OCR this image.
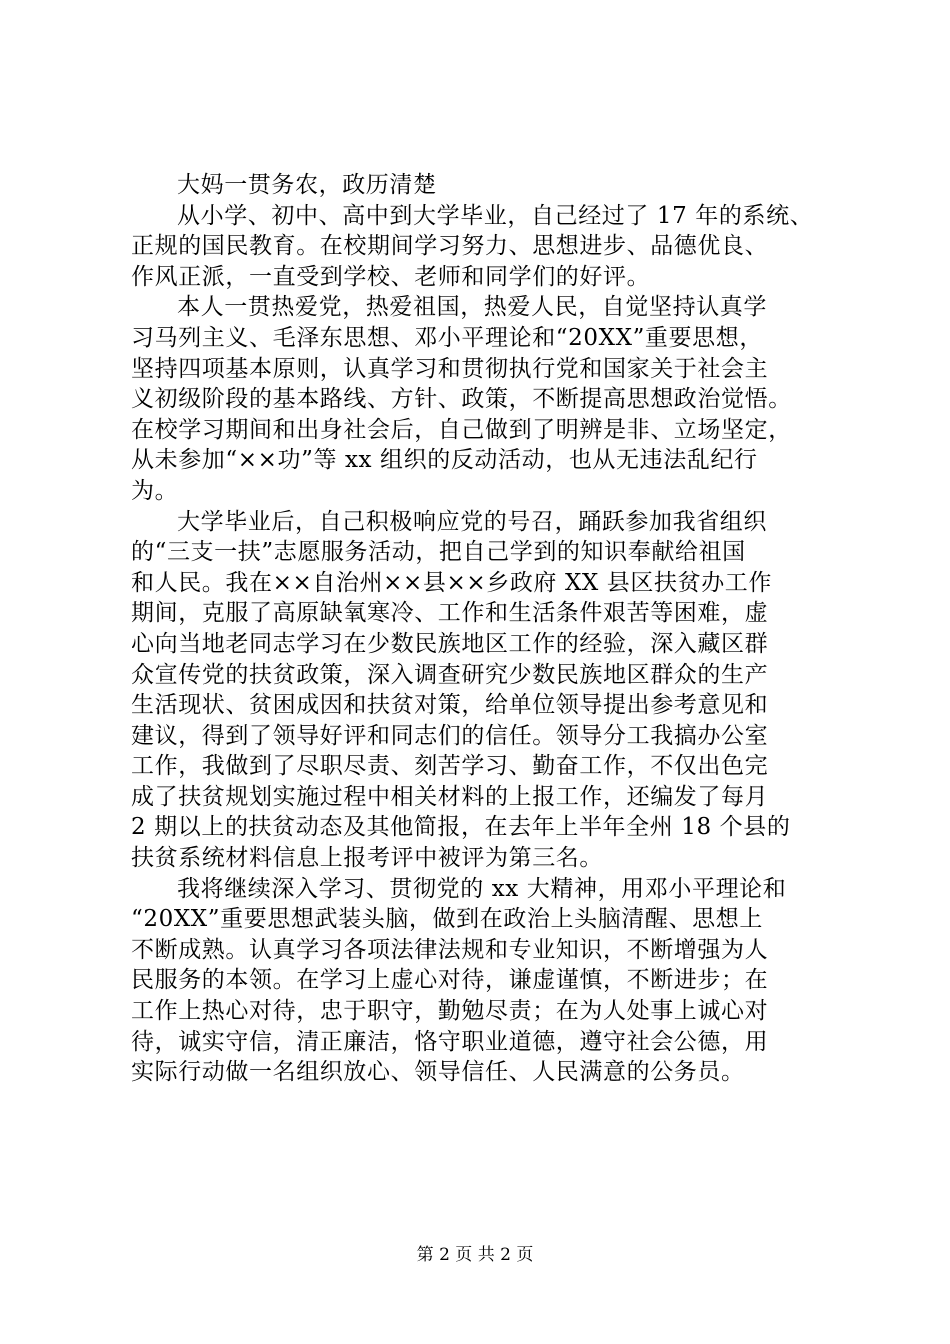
大妈一贯务农，政历清楚
从小学、初中、高中到大学毕业，自己经过了 17 年的系统、
正规的国民教育。在校期间学习努力、思想进步、品德优良、
作风正派，一直受到学校、老师和同学们的好评。
本人一贯热爱党，热爱祖国，热爱人民，自觉坚持认真学
习马列主义、毛泽东思想、邓小平理论和“20XX”重要思想，
坚持四项基本原则，认真学习和贯彻执行党和国家关于社会主
义初级阶段的基本路线、方针、政策，不断提高思想政治觉悟。
在校学习期间和出身社会后，自己做到了明辨是非、立场坚定，
从未参加“××功”等 xx 组织的反动活动，也从无违法乱纪行
为。
大学毕业后，自己积极响应党的号召，踊跃参加我省组织
的“三支一扶”志愿服务活动，把自己学到的知识奉献给祖国
和人民。我在××自治州××县××乡政府 XX 县区扶贫办工作
期间，克服了高原缺氧寒冷、工作和生活条件艰苦等困难，虚
心向当地老同志学习在少数民族地区工作的经验，深入藏区群
众宣传党的扶贫政策，深入调查研究少数民族地区群众的生产
生活现状、贫困成因和扶贫对策，给单位领导提出参考意见和
建议，得到了领导好评和同志们的信任。领导分工我搞办公室
工作，我做到了尽职尽责、刻苦学习、勤奋工作，不仅出色完
成了扶贫规划实施过程中相关材料的上报工作，还编发了每月
2 期以上的扶贫动态及其他简报，在去年上半年全州 18 个县的
扶贫系统材料信息上报考评中被评为第三名。
我将继续深入学习、贯彻党的 xx 大精神，用邓小平理论和
“20XX”重要思想武装头脑，做到在政治上头脑清醒、思想上
不断成熟。认真学习各项法律法规和专业知识，不断增强为人
民服务的本领。在学习上虚心对待，谦虚谨慎，不断进步；在
工作上热心对待，忠于职守，勤勉尽责；在为人处事上诚心对
待，诚实守信，清正廉洁，恪守职业道德，遵守社会公德，用
实际行动做一名组织放心、领导信任、人民满意的公务员。
第 2 页 共 2 页
